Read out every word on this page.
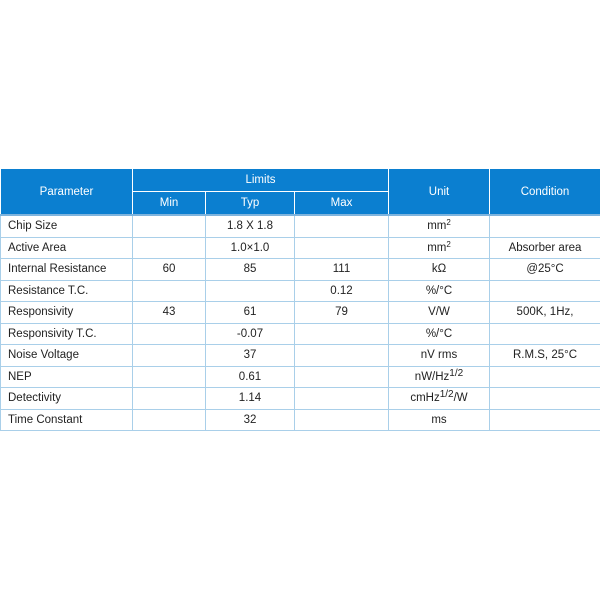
Parameter	Limits			Unit	Condition
	Min	Typ	Max		
Chip Size		1.8 X 1.8		$mm^2$	
Active Area		1.0×1.0		$mm^2$	Absorber area
Internal Resistance	60	85	111	kΩ	@25°C
Resistance T.C.			0.12	%/°C	
Responsivity	43	61	79	V/W	500K, 1Hz,
Responsivity T.C.		-0.07		%/°C	
Noise Voltage		37		nV rms	R.M.S, 25°C
NEP		0.61		$nW/Hz^{1/2}$	
Detectivity		1.14		cmHz$^{1/2}$/W	
Time Constant		32		ms	
